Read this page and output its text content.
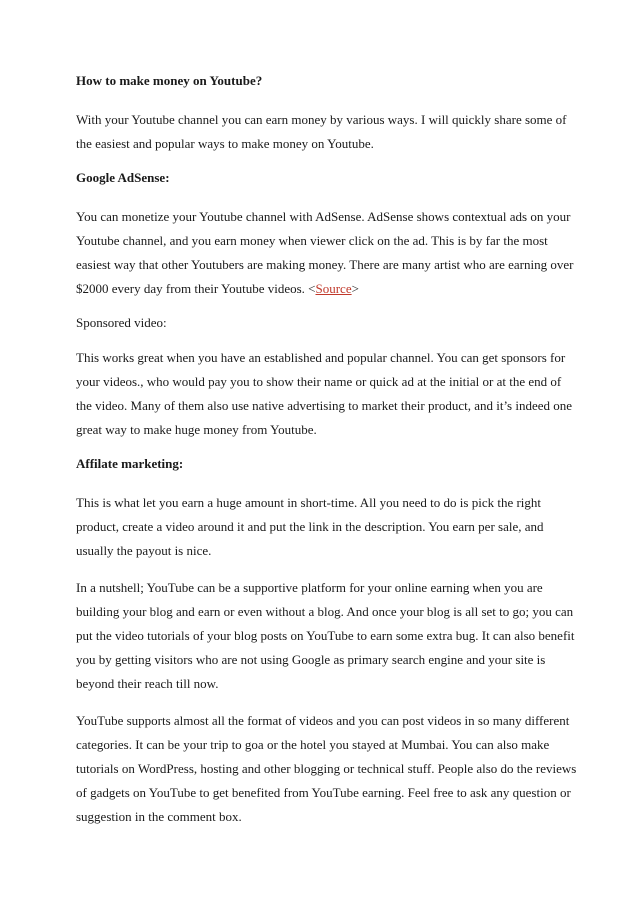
How to make money on Youtube?

With your Youtube channel you can earn money by various ways. I will quickly share some of the easiest and popular ways to make money on Youtube.

Google AdSense:

You can monetize your Youtube channel with AdSense. AdSense shows contextual ads on your Youtube channel, and you earn money when viewer click on the ad. This is by far the most easiest way that other Youtubers are making money. There are many artist who are earning over $2000 every day from their Youtube videos. <Source>

Sponsored video:

This works great when you have an established and popular channel. You can get sponsors for your videos., who would pay you to show their name or quick ad at the initial or at the end of the video. Many of them also use native advertising to market their product, and it’s indeed one great way to make huge money from Youtube.

Affilate marketing:

This is what let you earn a huge amount in short-time. All you need to do is pick the right product, create a video around it and put the link in the description. You earn per sale, and usually the payout is nice.

In a nutshell; YouTube can be a supportive platform for your online earning when you are building your blog and earn or even without a blog. And once your blog is all set to go; you can put the video tutorials of your blog posts on YouTube to earn some extra bug. It can also benefit you by getting visitors who are not using Google as primary search engine and your site is beyond their reach till now.

YouTube supports almost all the format of videos and you can post videos in so many different categories. It can be your trip to goa or the hotel you stayed at Mumbai. You can also make tutorials on WordPress, hosting and other blogging or technical stuff. People also do the reviews of gadgets on YouTube to get benefited from YouTube earning. Feel free to ask any question or suggestion in the comment box.
